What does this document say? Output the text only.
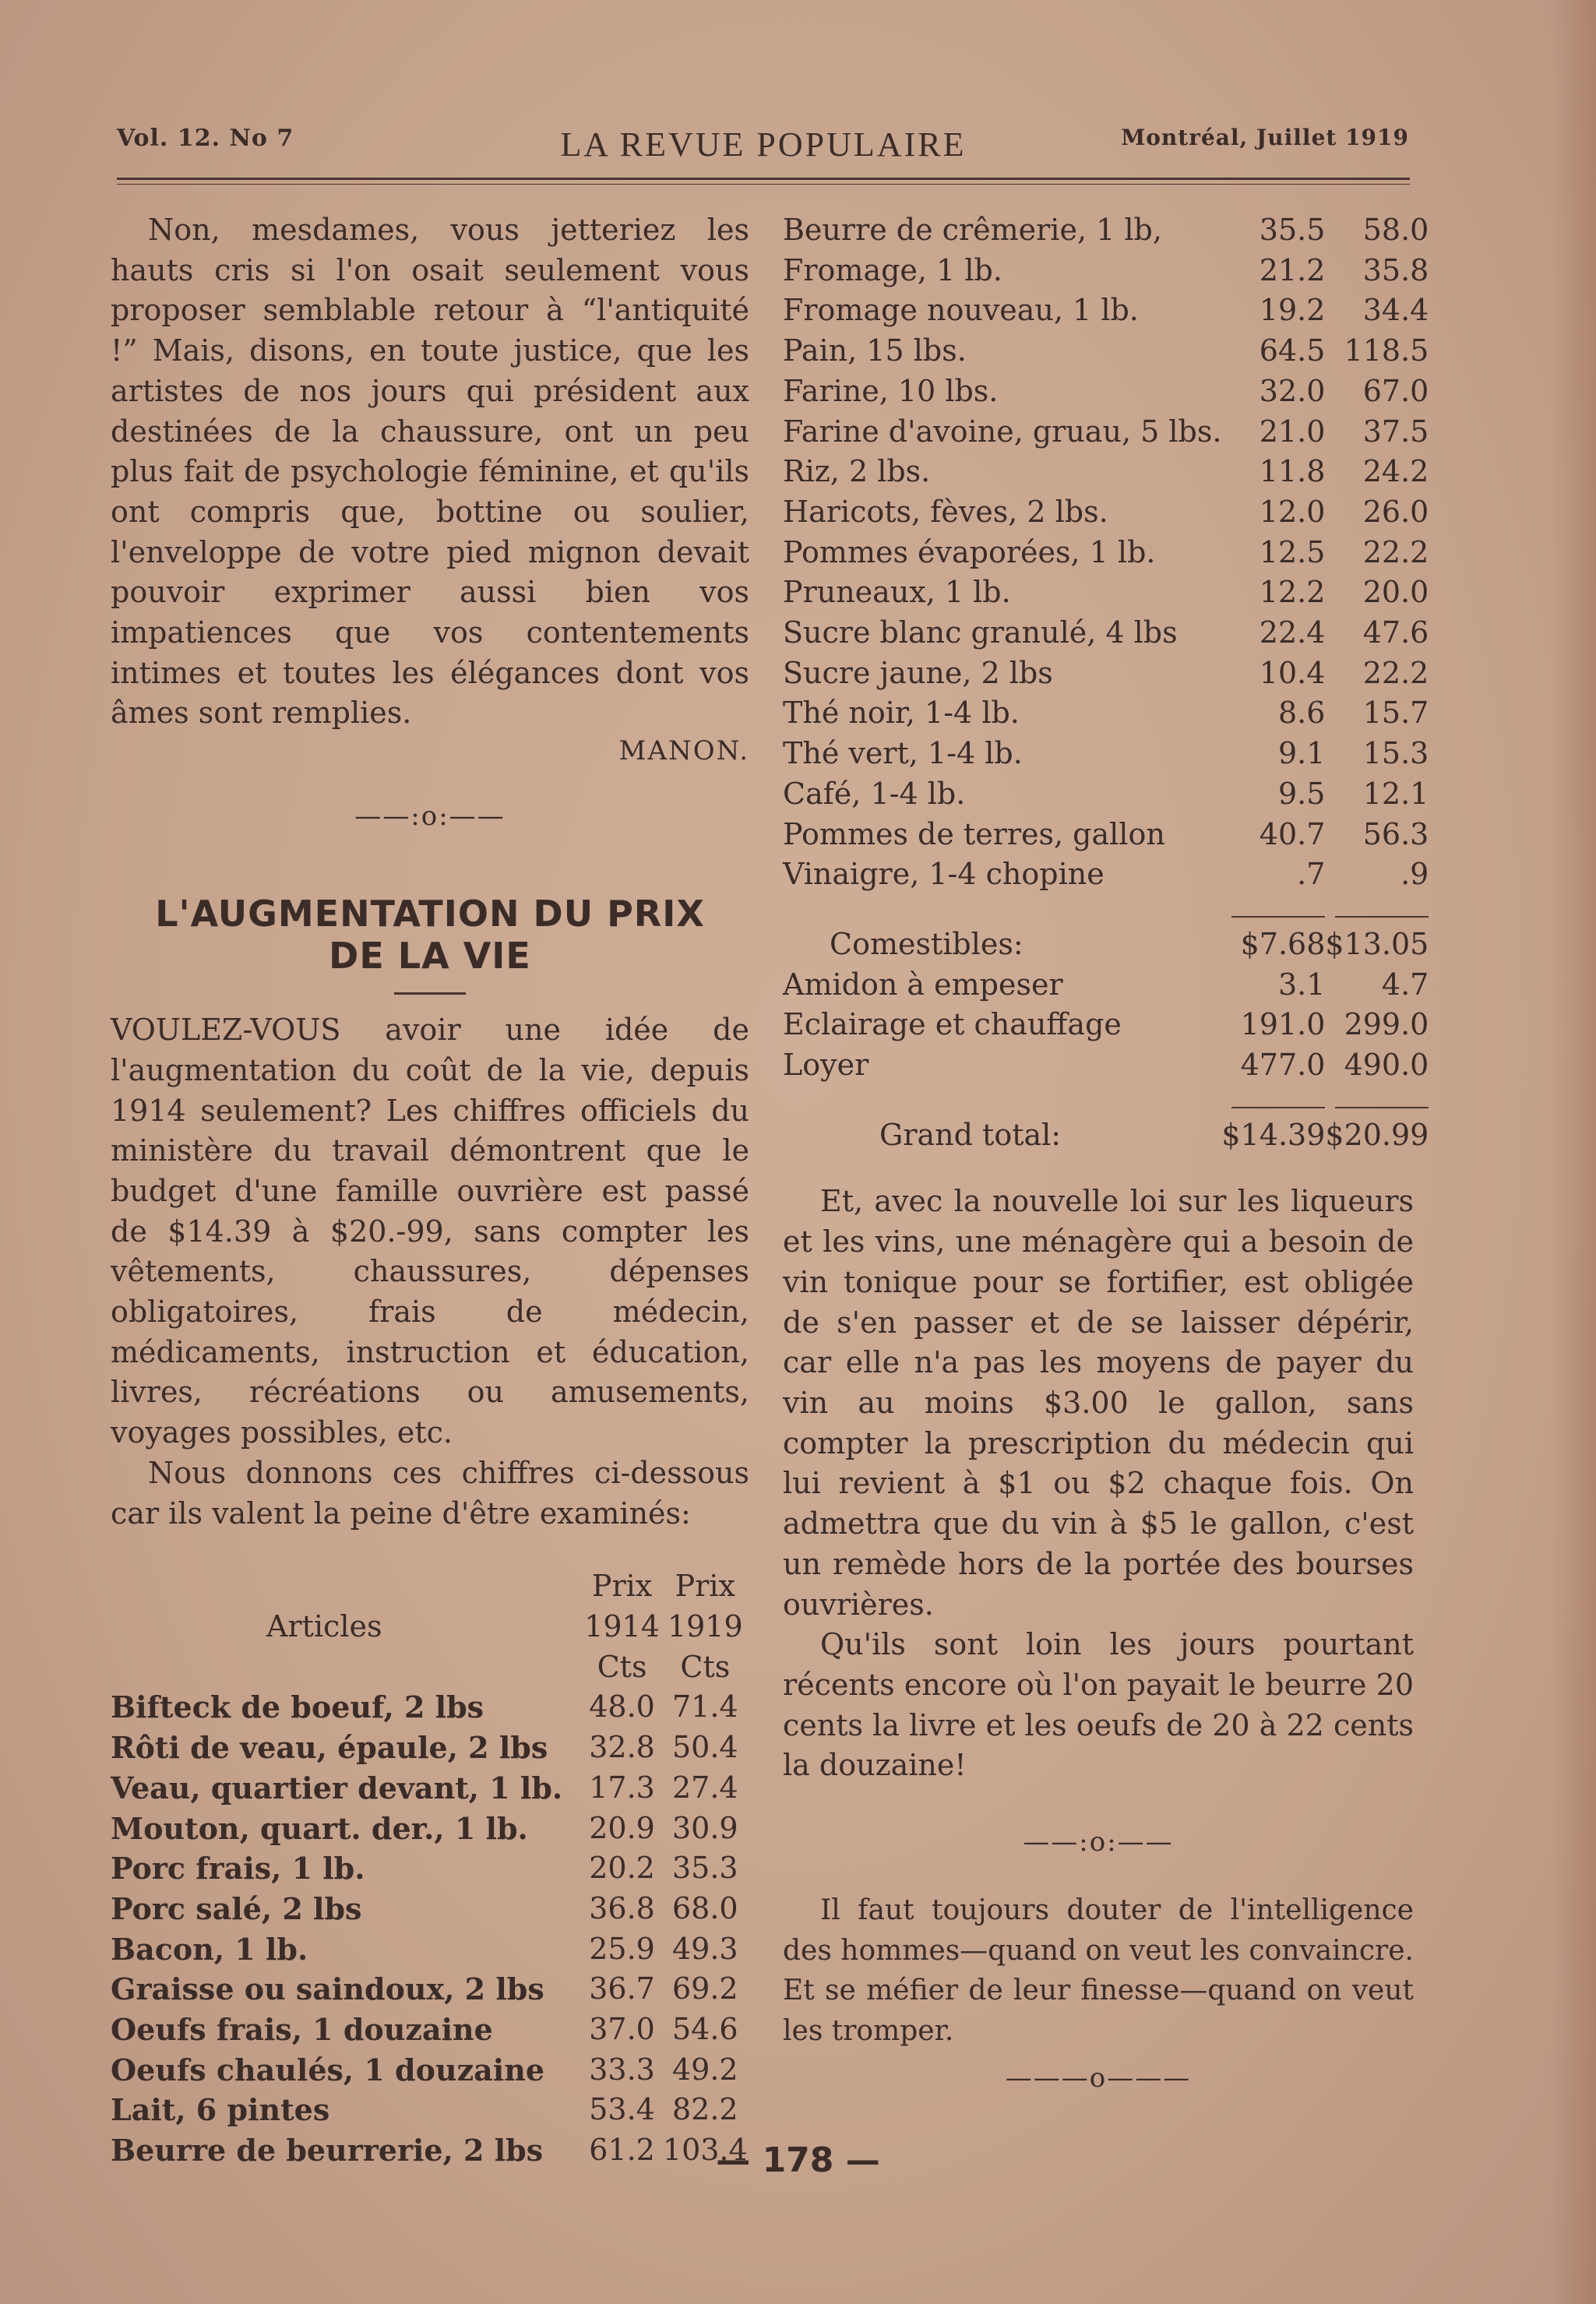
Vol. 12. No 7	LA REVUE POPULAIRE	Montréal, Juillet 1919

Non, mesdames, vous jetteriez les hauts cris si l'on osait seulement vous proposer semblable retour à “l'antiquité !” Mais, disons, en toute justice, que les artistes de nos jours qui président aux destinées de la chaussure, ont un peu plus fait de psychologie féminine, et qu'ils ont compris que, bottine ou soulier, l'enveloppe de votre pied mignon devait pouvoir exprimer aussi bien vos impatiences que vos contentements intimes et toutes les élégances dont vos âmes sont remplies.

MANON.

——:o:——

L'AUGMENTATION DU PRIX

DE LA VIE

VOULEZ-VOUS avoir une idée de l'augmentation du coût de la vie, depuis 1914 seulement? Les chiffres officiels du ministère du travail démontrent que le budget d'une famille ouvrière est passé de $14.39 à $20.-99, sans compter les vêtements, chaussures, dépenses obligatoires, frais de médecin, médicaments, instruction et éducation, livres, récréations ou amusements, voyages possibles, etc.

Nous donnons ces chiffres ci-dessous car ils valent la peine d'être examinés:

	Prix	Prix
Articles	1914	1919
	Cts	Cts
Bifteck de boeuf, 2 lbs	48.0	71.4
Rôti de veau, épaule, 2 lbs	32.8	50.4
Veau, quartier devant, 1 lb.	17.3	27.4
Mouton, quart. der., 1 lb.	20.9	30.9
Porc frais, 1 lb.	20.2	35.3
Porc salé, 2 lbs	36.8	68.0
Bacon, 1 lb.	25.9	49.3
Graisse ou saindoux, 2 lbs	36.7	69.2
Oeufs frais, 1 douzaine	37.0	54.6
Oeufs chaulés, 1 douzaine	33.3	49.2
Lait, 6 pintes	53.4	82.2
Beurre de beurrerie, 2 lbs	61.2	103.4
Beurre de crêmerie, 1 lb,	35.5	58.0
Fromage, 1 lb.	21.2	35.8
Fromage nouveau, 1 lb.	19.2	34.4
Pain, 15 lbs.	64.5	118.5
Farine, 10 lbs.	32.0	67.0
Farine d'avoine, gruau, 5 lbs.	21.0	37.5
Riz, 2 lbs.	11.8	24.2
Haricots, fèves, 2 lbs.	12.0	26.0
Pommes évaporées, 1 lb.	12.5	22.2
Pruneaux, 1 lb.	12.2	20.0
Sucre blanc granulé, 4 lbs	22.4	47.6
Sucre jaune, 2 lbs	10.4	22.2
Thé noir, 1-4 lb.	8.6	15.7
Thé vert, 1-4 lb.	9.1	15.3
Café, 1-4 lb.	9.5	12.1
Pommes de terres, gallon	40.7	56.3
Vinaigre, 1-4 chopine	.7	.9

Comestibles:	$7.68	$13.05
Amidon à empeser	3.1	4.7
Eclairage et chauffage	191.0	299.0
Loyer	477.0	490.0

Grand total:	$14.39	$20.99

Et, avec la nouvelle loi sur les liqueurs et les vins, une ménagère qui a besoin de vin tonique pour se fortifier, est obligée de s'en passer et de se laisser dépérir, car elle n'a pas les moyens de payer du vin au moins $3.00 le gallon, sans compter la prescription du médecin qui lui revient à $1 ou $2 chaque fois. On admettra que du vin à $5 le gallon, c'est un remède hors de la portée des bourses ouvrières.

Qu'ils sont loin les jours pourtant récents encore où l'on payait le beurre 20 cents la livre et les oeufs de 20 à 22 cents la douzaine!

——:o:——

Il faut toujours douter de l'intelligence des hommes—quand on veut les convaincre. Et se méfier de leur finesse—quand on veut les tromper.

———o———
— 178 —
